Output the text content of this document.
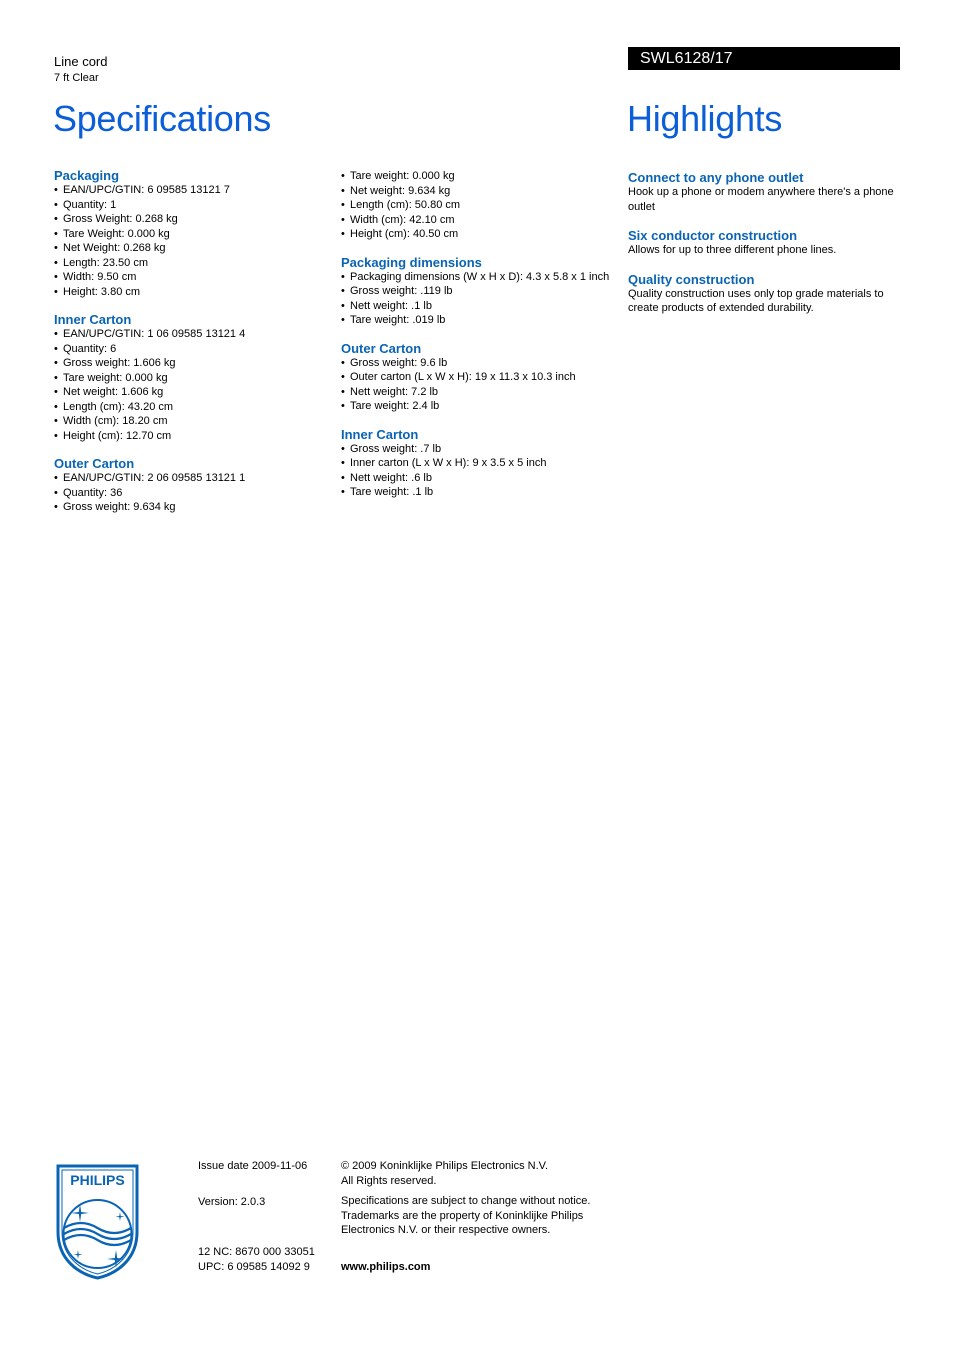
Line cord
7 ft Clear
Specifications
SWL6128/17
Highlights

Packaging

• EAN/UPC/GTIN: 6 09585 13121 7
• Quantity: 1
• Gross Weight: 0.268 kg
• Tare Weight: 0.000 kg
• Net Weight: 0.268 kg
• Length: 23.50 cm
• Width: 9.50 cm
• Height: 3.80 cm

Inner Carton

• EAN/UPC/GTIN: 1 06 09585 13121 4
• Quantity: 6
• Gross weight: 1.606 kg
• Tare weight: 0.000 kg
• Net weight: 1.606 kg
• Length (cm): 43.20 cm
• Width (cm): 18.20 cm
• Height (cm): 12.70 cm

Outer Carton

• EAN/UPC/GTIN: 2 06 09585 13121 1
• Quantity: 36
• Gross weight: 9.634 kg
• Tare weight: 0.000 kg
• Net weight: 9.634 kg
• Length (cm): 50.80 cm
• Width (cm): 42.10 cm
• Height (cm): 40.50 cm

Packaging dimensions

• Packaging dimensions (W x H x D): 4.3 x 5.8 x 1 inch
• Gross weight: .119 lb
• Nett weight: .1 lb
• Tare weight: .019 lb

Outer Carton

• Gross weight: 9.6 lb
• Outer carton (L x W x H): 19 x 11.3 x 10.3 inch
• Nett weight: 7.2 lb
• Tare weight: 2.4 lb

Inner Carton

• Gross weight: .7 lb
• Inner carton (L x W x H): 9 x 3.5 x 5 inch
• Nett weight: .6 lb
• Tare weight: .1 lb

Connect to any phone outlet

Hook up a phone or modem anywhere there's a phone outlet

Six conductor construction

Allows for up to three different phone lines.

Quality construction

Quality construction uses only top grade materials to create products of extended durability.

PHILIPS

Issue date 2009-11-06

Version: 2.0.3

12 NC: 8670 000 33051

UPC: 6 09585 14092 9

© 2009 Koninklijke Philips Electronics N.V.

All Rights reserved.

Specifications are subject to change without notice.

Trademarks are the property of Koninklijke Philips

Electronics N.V. or their respective owners.

www.philips.com
